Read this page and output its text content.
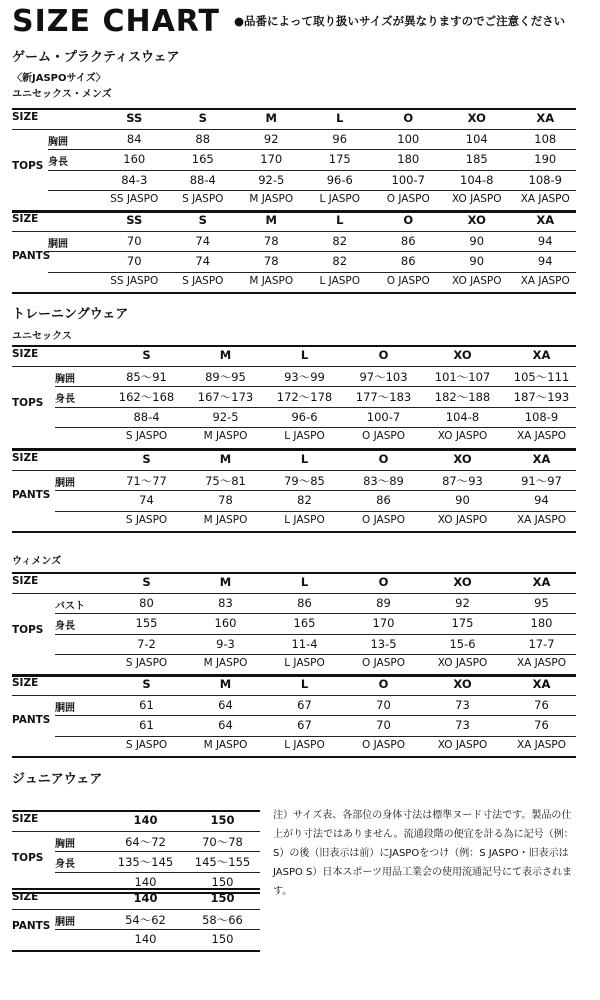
SIZE CHART ●品番によって取り扱いサイズが異なりますのでご注意ください
ゲーム・プラクティスウェア
〈新JASPOサイズ〉
ユニセックス・メンズ
トレーニングウェア
ユニセックス
ウィメンズ
ジュニアウェア
注）サイズ表、各部位の身体寸法は標準ヌード寸法です。製品の仕上がり寸法ではありません。流通段階の便宜を計る為に記号（例：S）の後（旧表示は前）にJASPOをつけ（例：S JASPO・旧表示はJASPO S）日本スポーツ用品工業会の使用流通記号にて表示されます。
SIZE	SS	S	M	L	O	XO	XA
胸囲	84	88	92	96	100	104	108
身長	160	165	170	175	180	185	190
84-3	88-4	92-5	96-6	100-7	104-8	108-9
SS JASPO	S JASPO	M JASPO	L JASPO	O JASPO	XO JASPO	XA JASPO
TOPS
SIZE	SS	S	M	L	O	XO	XA
胴囲	70	74	78	82	86	90	94
70	74	78	82	86	90	94
SS JASPO	S JASPO	M JASPO	L JASPO	O JASPO	XO JASPO	XA JASPO
PANTS
SIZE	S	M	L	O	XO	XA
胸囲	85〜91	89〜95	93〜99	97〜103	101〜107	105〜111
身長	162〜168	167〜173	172〜178	177〜183	182〜188	187〜193
88-4	92-5	96-6	100-7	104-8	108-9
S JASPO	M JASPO	L JASPO	O JASPO	XO JASPO	XA JASPO
TOPS
SIZE	S	M	L	O	XO	XA
胴囲	71〜77	75〜81	79〜85	83〜89	87〜93	91〜97
74	78	82	86	90	94
S JASPO	M JASPO	L JASPO	O JASPO	XO JASPO	XA JASPO
PANTS
SIZE	S	M	L	O	XO	XA
バスト	80	83	86	89	92	95
身長	155	160	165	170	175	180
7-2	9-3	11-4	13-5	15-6	17-7
S JASPO	M JASPO	L JASPO	O JASPO	XO JASPO	XA JASPO
TOPS
SIZE	S	M	L	O	XO	XA
胴囲	61	64	67	70	73	76
61	64	67	70	73	76
S JASPO	M JASPO	L JASPO	O JASPO	XO JASPO	XA JASPO
PANTS
SIZE	140	150
胸囲	64〜72	70〜78
身長	135〜145	145〜155
140	150
TOPS
SIZE	140	150
胴囲	54〜62	58〜66
140	150
PANTS
